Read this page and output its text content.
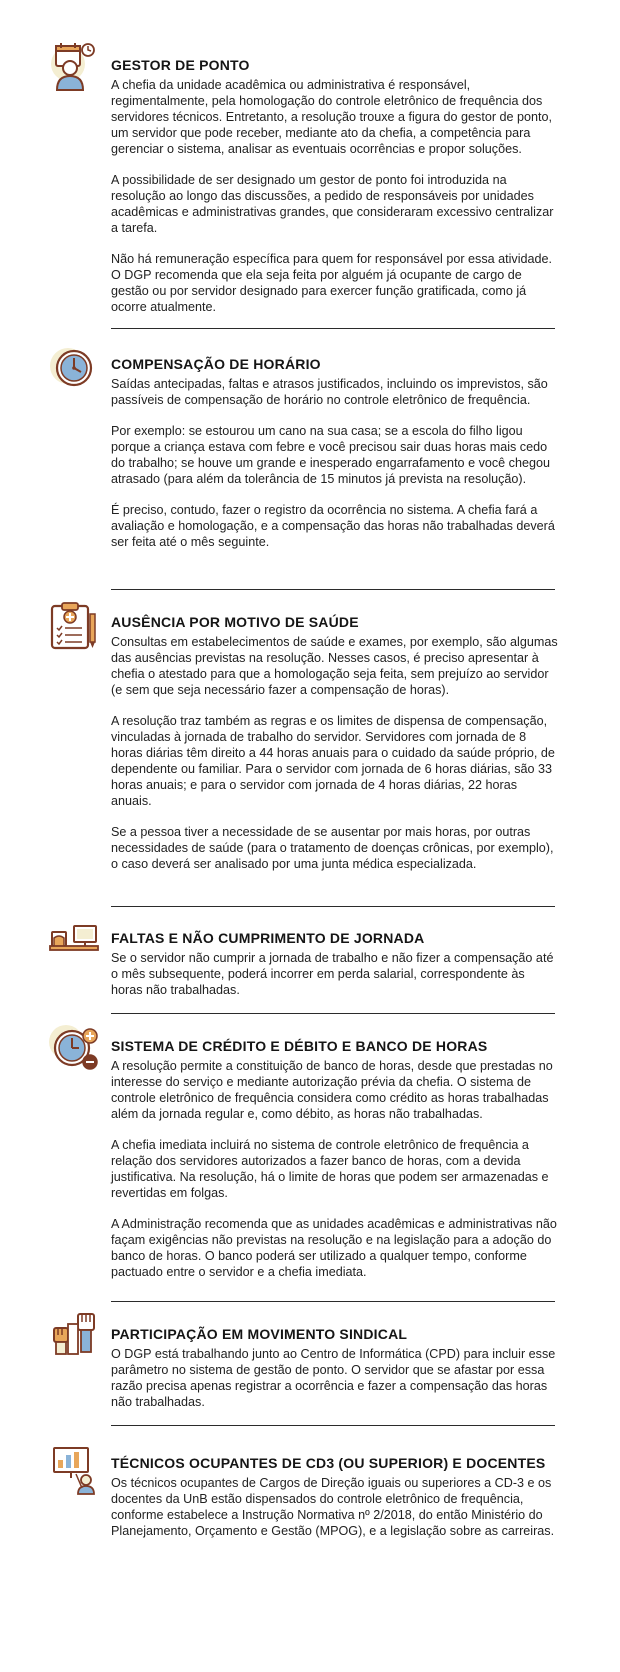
GESTOR DE PONTO

A chefia da unidade acadêmica ou administrativa é responsável, regimentalmente, pela homologação do controle eletrônico de frequência dos servidores técnicos. Entretanto, a resolução trouxe a figura do gestor de ponto, um servidor que pode receber, mediante ato da chefia, a competência para gerenciar o sistema, analisar as eventuais ocorrências e propor soluções.

A possibilidade de ser designado um gestor de ponto foi introduzida na resolução ao longo das discussões, a pedido de responsáveis por unidades acadêmicas e administrativas grandes, que consideraram excessivo centralizar a tarefa.

Não há remuneração específica para quem for responsável por essa atividade. O DGP recomenda que ela seja feita por alguém já ocupante de cargo de gestão ou por servidor designado para exercer função gratificada, como já ocorre atualmente.

COMPENSAÇÃO DE HORÁRIO

Saídas antecipadas, faltas e atrasos justificados, incluindo os imprevistos, são passíveis de compensação de horário no controle eletrônico de frequência.

Por exemplo: se estourou um cano na sua casa; se a escola do filho ligou porque a criança estava com febre e você precisou sair duas horas mais cedo do trabalho; se houve um grande e inesperado engarrafamento e você chegou atrasado (para além da tolerância de 15 minutos já prevista na resolução).

É preciso, contudo, fazer o registro da ocorrência no sistema. A chefia fará a avaliação e homologação, e a compensação das horas não trabalhadas deverá ser feita até o mês seguinte.

AUSÊNCIA POR MOTIVO DE SAÚDE

Consultas em estabelecimentos de saúde e exames, por exemplo, são algumas das ausências previstas na resolução. Nesses casos, é preciso apresentar à chefia o atestado para que a homologação seja feita, sem prejuízo ao servidor (e sem que seja necessário fazer a compensação de horas).

A resolução traz também as regras e os limites de dispensa de compensação, vinculadas à jornada de trabalho do servidor. Servidores com jornada de 8 horas diárias têm direito a 44 horas anuais para o cuidado da saúde próprio, de dependente ou familiar. Para o servidor com jornada de 6 horas diárias, são 33 horas anuais; e para o servidor com jornada de 4 horas diárias, 22 horas anuais.

Se a pessoa tiver a necessidade de se ausentar por mais horas, por outras necessidades de saúde (para o tratamento de doenças crônicas, por exemplo), o caso deverá ser analisado por uma junta médica especializada.

FALTAS E NÃO CUMPRIMENTO DE JORNADA

Se o servidor não cumprir a jornada de trabalho e não fizer a compensação até o mês subsequente, poderá incorrer em perda salarial, correspondente às horas não trabalhadas.

SISTEMA DE CRÉDITO E DÉBITO E BANCO DE HORAS

A resolução permite a constituição de banco de horas, desde que prestadas no interesse do serviço e mediante autorização prévia da chefia. O sistema de controle eletrônico de frequência considera como crédito as horas trabalhadas além da jornada regular e, como débito, as horas não trabalhadas.

A chefia imediata incluirá no sistema de controle eletrônico de frequência a relação dos servidores autorizados a fazer banco de horas, com a devida justificativa. Na resolução, há o limite de horas que podem ser armazenadas e revertidas em folgas.

A Administração recomenda que as unidades acadêmicas e administrativas não façam exigências não previstas na resolução e na legislação para a adoção do banco de horas. O banco poderá ser utilizado a qualquer tempo, conforme pactuado entre o servidor e a chefia imediata.

PARTICIPAÇÃO EM MOVIMENTO SINDICAL

O DGP está trabalhando junto ao Centro de Informática (CPD) para incluir esse parâmetro no sistema de gestão de ponto. O servidor que se afastar por essa razão precisa apenas registrar a ocorrência e fazer a compensação das horas não trabalhadas.

TÉCNICOS OCUPANTES DE CD3 (OU SUPERIOR) E DOCENTES

Os técnicos ocupantes de Cargos de Direção iguais ou superiores a CD-3 e os docentes da UnB estão dispensados do controle eletrônico de frequência, conforme estabelece a Instrução Normativa nº 2/2018, do então Ministério do Planejamento, Orçamento e Gestão (MPOG), e a legislação sobre as carreiras.
